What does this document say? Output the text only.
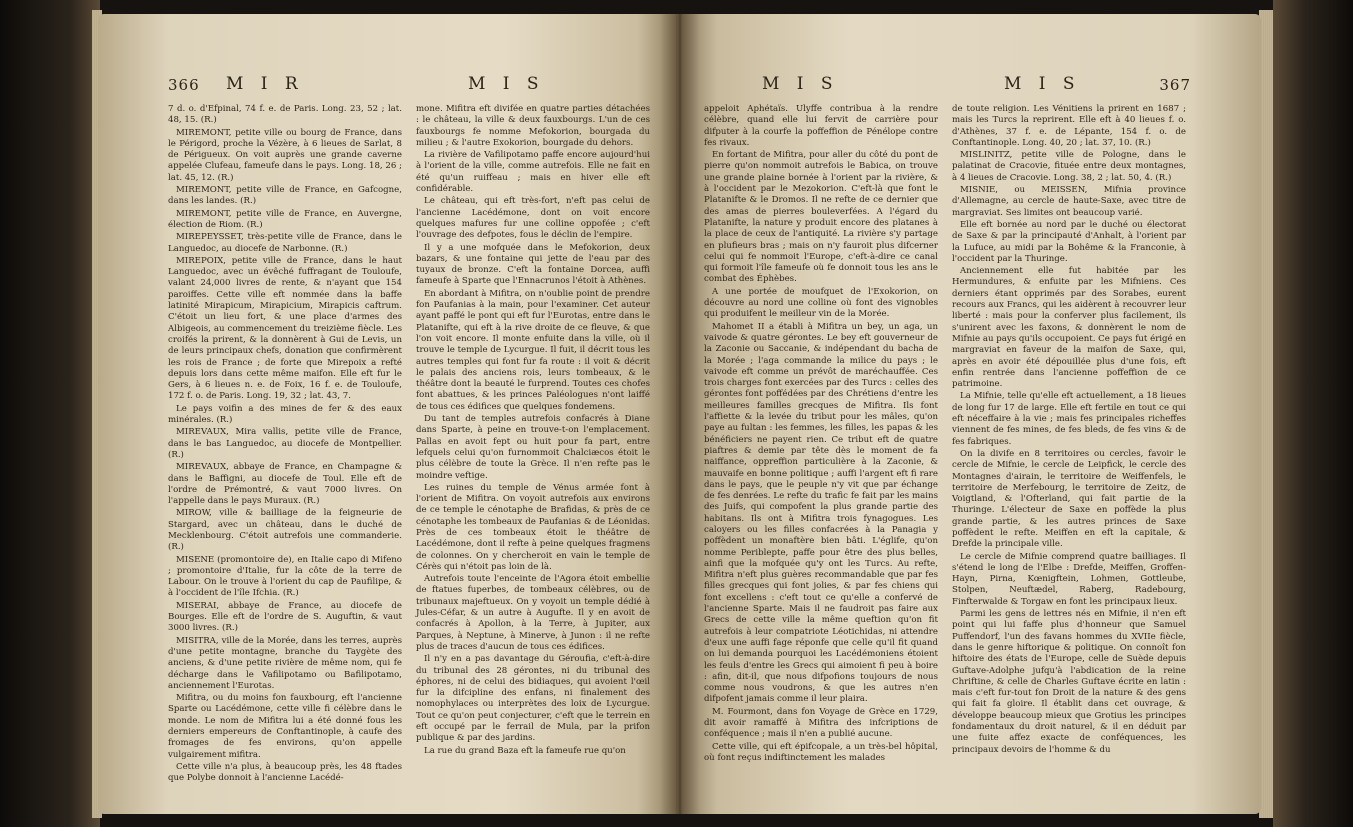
366 M I R	M I S

7 d. o. d'Efpinal, 74 f. e. de Paris. Long. 23, 52 ; lat. 48, 15. (R.)

MIREMONT, petite ville ou bourg de France, dans le Périgord, proche la Vézère, à 6 lieues de Sarlat, 8 de Périgueux. On voit auprès une grande caverne appelée Clufeau, fameufe dans le pays. Long. 18, 26 ; lat. 45, 12. (R.)

MIREMONT, petite ville de France, en Gafcogne, dans les landes. (R.)

MIREMONT, petite ville de France, en Auvergne, élection de Riom. (R.)

MIREPEYSSET, très-petite ville de France, dans le Languedoc, au diocefe de Narbonne. (R.)

MIREPOIX, petite ville de France, dans le haut Languedoc, avec un évêché fuffragant de Touloufe, valant 24,000 livres de rente, & n'ayant que 154 paroiffes. Cette ville eft nommée dans la baffe latinité Mirapicum, Mirapicium, Mirapicis caftrum. C'étoit un lieu fort, & une place d'armes des Albigeois, au commencement du treizième fiècle. Les croifés la prirent, & la donnèrent à Gui de Levis, un de leurs principaux chefs, donation que confirmèrent les rois de France ; de forte que Mirepoix a refté depuis lors dans cette même maifon. Elle eft fur le Gers, à 6 lieues n. e. de Foix, 16 f. e. de Touloufe, 172 f. o. de Paris. Long. 19, 32 ; lat. 43, 7.

Le pays voifin a des mines de fer & des eaux minérales. (R.)

MIREVAUX, Mira vallis, petite ville de France, dans le bas Languedoc, au diocefe de Montpellier. (R.)

MIREVAUX, abbaye de France, en Champagne & dans le Baffigni, au diocefe de Toul. Elle eft de l'ordre de Prémontré, & vaut 7000 livres. On l'appelle dans le pays Muraux. (R.)

MIROW, ville & bailliage de la feigneurie de Stargard, avec un château, dans le duché de Mecklenbourg. C'étoit autrefois une commanderie. (R.)

MISENE (promontoire de), en Italie capo di Mifeno ; promontoire d'Italie, fur la côte de la terre de Labour. On le trouve à l'orient du cap de Paufilipe, & à l'occident de l'île Ifchia. (R.)

MISERAI, abbaye de France, au diocefe de Bourges. Elle eft de l'ordre de S. Auguftin, & vaut 3000 livres. (R.)

MISITRA, ville de la Morée, dans les terres, auprès d'une petite montagne, branche du Taygète des anciens, & d'une petite rivière de même nom, qui fe décharge dans le Vafilipotamo ou Bafilipotamo, anciennement l'Eurotas.

Mifitra, ou du moins fon fauxbourg, eft l'ancienne Sparte ou Lacédémone, cette ville fi célèbre dans le monde. Le nom de Mifitra lui a été donné fous les derniers empereurs de Conftantinople, à caufe des fromages de fes environs, qu'on appelle vulgairement mifitra.

Cette ville n'a plus, à beaucoup près, les 48 ftades que Polybe donnoit à l'ancienne Lacédé-

mone. Mifitra eft divifée en quatre parties détachées : le château, la ville & deux fauxbourgs. L'un de ces fauxbourgs fe nomme Mefokorion, bourgada du milieu ; & l'autre Exokorion, bourgade du dehors.

La rivière de Vafilipotamo paffe encore aujourd'hui à l'orient de la ville, comme autrefois. Elle ne fait en été qu'un ruiffeau ; mais en hiver elle eft confidérable.

Le château, qui eft très-fort, n'eft pas celui de l'ancienne Lacédémone, dont on voit encore quelques mafures fur une colline oppofée ; c'eft l'ouvrage des defpotes, fous le déclin de l'empire.

Il y a une mofquée dans le Mefokorion, deux bazars, & une fontaine qui jette de l'eau par des tuyaux de bronze. C'eft la fontaine Dorcea, auffi fameufe à Sparte que l'Ennacrunos l'étoit à Athènes.

En abordant à Mifitra, on n'oublie point de prendre fon Paufanias à la main, pour l'examiner. Cet auteur ayant paffé le pont qui eft fur l'Eurotas, entre dans le Platanifte, qui eft à la rive droite de ce fleuve, & que l'on voit encore. Il monte enfuite dans la ville, où il trouve le temple de Lycurgue. Il fuit, il décrit tous les autres temples qui font fur fa route : il voit & décrit le palais des anciens rois, leurs tombeaux, & le théâtre dont la beauté le furprend. Toutes ces chofes font abattues, & les princes Paléologues n'ont laiffé de tous ces édifices que quelques fondemens.

Du tant de temples autrefois confacrés à Diane dans Sparte, à peine en trouve-t-on l'emplacement. Pallas en avoit fept ou huit pour fa part, entre lefquels celui qu'on furnommoit Chalciæcos étoit le plus célèbre de toute la Grèce. Il n'en refte pas le moindre veftige.

Les ruines du temple de Vénus armée font à l'orient de Mifitra. On voyoit autrefois aux environs de ce temple le cénotaphe de Brafidas, & près de ce cénotaphe les tombeaux de Paufanias & de Léonidas. Près de ces tombeaux étoit le théâtre de Lacédémone, dont il refte à peine quelques fragmens de colonnes. On y chercheroit en vain le temple de Cérès qui n'étoit pas loin de là.

Autrefois toute l'enceinte de l'Agora étoit embellie de ftatues fuperbes, de tombeaux célèbres, ou de tribunaux majeftueux. On y voyoit un temple dédié à Jules-Céfar, & un autre à Augufte. Il y en avoit de confacrés à Apollon, à la Terre, à Jupiter, aux Parques, à Neptune, à Minerve, à Junon : il ne refte plus de traces d'aucun de tous ces édifices.

Il n'y en a pas davantage du Géroufia, c'eft-à-dire du tribunal des 28 gérontes, ni du tribunal des éphores, ni de celui des bidiaques, qui avoient l'œil fur la difcipline des enfans, ni finalement des nomophylaces ou interprètes des loix de Lycurgue. Tout ce qu'on peut conjecturer, c'eft que le terrein en eft occupé par le ferrail de Mula, par la prifon publique & par des jardins.

La rue du grand Baza eft la fameufe rue qu'on

M I S	M I S	367

appeloit Aphétaïs. Ulyffe contribua à la rendre célèbre, quand elle lui fervit de carrière pour difputer à la courfe la poffeffion de Pénélope contre fes rivaux.

En fortant de Mifitra, pour aller du côté du pont de pierre qu'on nommoit autrefois le Babica, on trouve une grande plaine bornée à l'orient par la rivière, & à l'occident par le Mezokorion. C'eft-là que font le Platanifte & le Dromos. Il ne refte de ce dernier que des amas de pierres bouleverfées. A l'égard du Platanifte, la nature y produit encore des platanes à la place de ceux de l'antiquité. La rivière s'y partage en plufieurs bras ; mais on n'y fauroit plus difcerner celui qui fe nommoit l'Europe, c'eft-à-dire ce canal qui formoit l'île fameufe où fe donnoit tous les ans le combat des Éphèbes.

A une portée de moufquet de l'Exokorion, on découvre au nord une colline où font des vignobles qui produifent le meilleur vin de la Morée.

Mahomet II a établi à Mifitra un bey, un aga, un vaivode & quatre gérontes. Le bey eft gouverneur de la Zaconie ou Saccanie, & indépendant du bacha de la Morée ; l'aga commande la milice du pays ; le vaivode eft comme un prévôt de maréchauffée. Ces trois charges font exercées par des Turcs : celles des gérontes font poffédées par des Chrétiens d'entre les meilleures familles grecques de Mifitra. Ils font l'affiette & la levée du tribut pour les mâles, qu'on paye au fultan : les femmes, les filles, les papas & les bénéficiers ne payent rien. Ce tribut eft de quatre piaftres & demie par tête dès le moment de fa naiffance, oppreffion particulière à la Zaconie, & mauvaife en bonne politique ; auffi l'argent eft fi rare dans le pays, que le peuple n'y vit que par échange de fes denrées. Le refte du trafic fe fait par les mains des Juifs, qui compofent la plus grande partie des habitans. Ils ont à Mifitra trois fynagogues. Les caloyers ou les filles confacrées à la Panagia y poffèdent un monaftère bien bâti. L'églife, qu'on nomme Periblepte, paffe pour être des plus belles, ainfi que la mofquée qu'y ont les Turcs. Au refte, Mifitra n'eft plus guères recommandable que par fes filles grecques qui font jolies, & par fes chiens qui font excellens : c'eft tout ce qu'elle a confervé de l'ancienne Sparte. Mais il ne faudroit pas faire aux Grecs de cette ville la même queftion qu'on fit autrefois à leur compatriote Léotichidas, ni attendre d'eux une auffi fage réponfe que celle qu'il fit quand on lui demanda pourquoi les Lacédémoniens étoient les feuls d'entre les Grecs qui aimoient fi peu à boire : afin, dit-il, que nous difpofions toujours de nous comme nous voudrons, & que les autres n'en difpofent jamais comme il leur plaira.

M. Fourmont, dans fon Voyage de Grèce en 1729, dit avoir ramaffé à Mifitra des infcriptions de conféquence ; mais il n'en a publié aucune.

Cette ville, qui eft épifcopale, a un très-bel hôpital, où font reçus indiftinctement les malades

de toute religion. Les Vénitiens la prirent en 1687 ; mais les Turcs la reprirent. Elle eft à 40 lieues f. o. d'Athènes, 37 f. e. de Lépante, 154 f. o. de Conftantinople. Long. 40, 20 ; lat. 37, 10. (R.)

MISLINITZ, petite ville de Pologne, dans le palatinat de Cracovie, fituée entre deux montagnes, à 4 lieues de Cracovie. Long. 38, 2 ; lat. 50, 4. (R.)

MISNIE, ou MEISSEN, Mifnia province d'Allemagne, au cercle de haute-Saxe, avec titre de margraviat. Ses limites ont beaucoup varié.

Elle eft bornée au nord par le duché ou électorat de Saxe & par la principauté d'Anhalt, à l'orient par la Lufuce, au midi par la Bohême & la Franconie, à l'occident par la Thuringe.

Anciennement elle fut habitée par les Hermundures, & enfuite par les Mifniens. Ces derniers étant opprimés par des Sorabes, eurent recours aux Francs, qui les aidèrent à recouvrer leur liberté : mais pour la conferver plus facilement, ils s'unirent avec les faxons, & donnèrent le nom de Mifnie au pays qu'ils occupoient. Ce pays fut érigé en margraviat en faveur de la maifon de Saxe, qui, après en avoir été dépouillée plus d'une fois, eft enfin rentrée dans l'ancienne poffeffion de ce patrimoine.

La Mifnie, telle qu'elle eft actuellement, a 18 lieues de long fur 17 de large. Elle eft fertile en tout ce qui eft néceffaire à la vie ; mais fes principales richeffes viennent de fes mines, de fes bleds, de fes vins & de fes fabriques.

On la divife en 8 territoires ou cercles, favoir le cercle de Mifnie, le cercle de Leipfick, le cercle des Montagnes d'airain, le territoire de Weiffenfels, le territoire de Merfebourg, le territoire de Zeitz, de Voigtland, & l'Ofterland, qui fait partie de la Thuringe. L'électeur de Saxe en poffède la plus grande partie, & les autres princes de Saxe poffèdent le refte. Meiffen en eft la capitale, & Drefde la principale ville.

Le cercle de Mifnie comprend quatre bailliages. Il s'étend le long de l'Elbe : Drefde, Meiffen, Groffen-Hayn, Pirna, Kœnigftein, Lohmen, Gottleube, Stolpen, Neuftædel, Raberg, Radebourg, Finfterwalde & Torgaw en font les principaux lieux.

Parmi les gens de lettres nés en Mifnie, il n'en eft point qui lui faffe plus d'honneur que Samuel Puffendorf, l'un des favans hommes du XVIIe fiècle, dans le genre hiftorique & politique. On connoît fon hiftoire des états de l'Europe, celle de Suède depuis Guftave-Adolphe jufqu'à l'abdication de la reine Chriftine, & celle de Charles Guftave écrite en latin : mais c'eft fur-tout fon Droit de la nature & des gens qui fait fa gloire. Il établit dans cet ouvrage, & développe beaucoup mieux que Grotius les principes fondamentaux du droit naturel, & il en déduit par une fuite affez exacte de conféquences, les principaux devoirs de l'homme & du
